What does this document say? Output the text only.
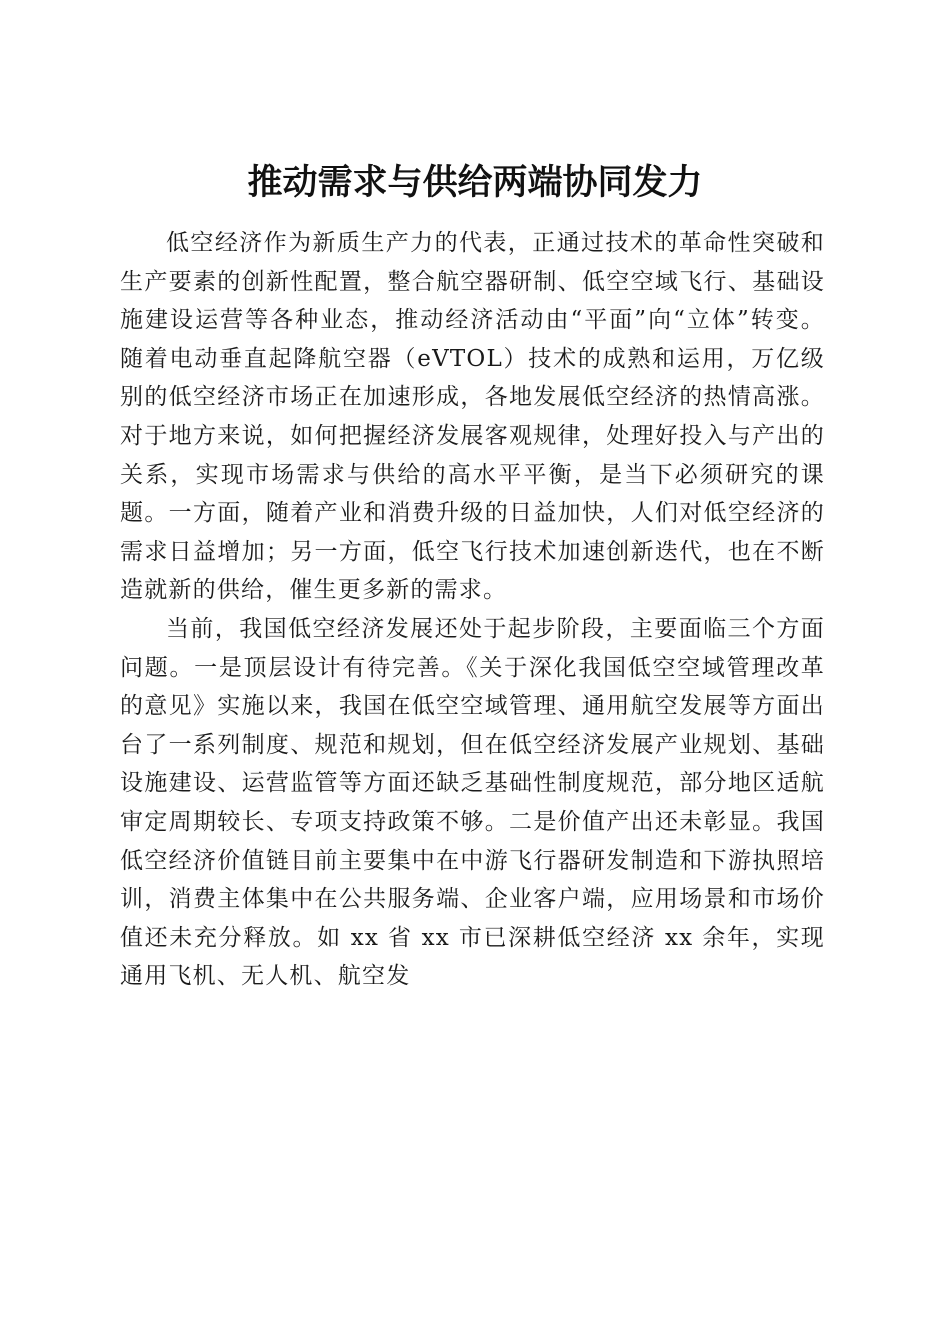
推动需求与供给两端协同发力

低空经济作为新质生产力的代表，正通过技术的革命性突破和生产要素的创新性配置，整合航空器研制、低空空域飞行、基础设施建设运营等各种业态，推动经济活动由“平面”向“立体”转变。随着电动垂直起降航空器（eVTOL）技术的成熟和运用，万亿级别的低空经济市场正在加速形成，各地发展低空经济的热情高涨。对于地方来说，如何把握经济发展客观规律，处理好投入与产出的关系，实现市场需求与供给的高水平平衡，是当下必须研究的课题。一方面，随着产业和消费升级的日益加快，人们对低空经济的需求日益增加；另一方面，低空飞行技术加速创新迭代，也在不断造就新的供给，催生更多新的需求。

当前，我国低空经济发展还处于起步阶段，主要面临三个方面问题。一是顶层设计有待完善。《关于深化我国低空空域管理改革的意见》实施以来，我国在低空空域管理、通用航空发展等方面出台了一系列制度、规范和规划，但在低空经济发展产业规划、基础设施建设、运营监管等方面还缺乏基础性制度规范，部分地区适航审定周期较长、专项支持政策不够。二是价值产出还未彰显。我国低空经济价值链目前主要集中在中游飞行器研发制造和下游执照培训，消费主体集中在公共服务端、企业客户端，应用场景和市场价值还未充分释放。如 xx 省 xx 市已深耕低空经济 xx 余年，实现通用飞机、无人机、航空发
